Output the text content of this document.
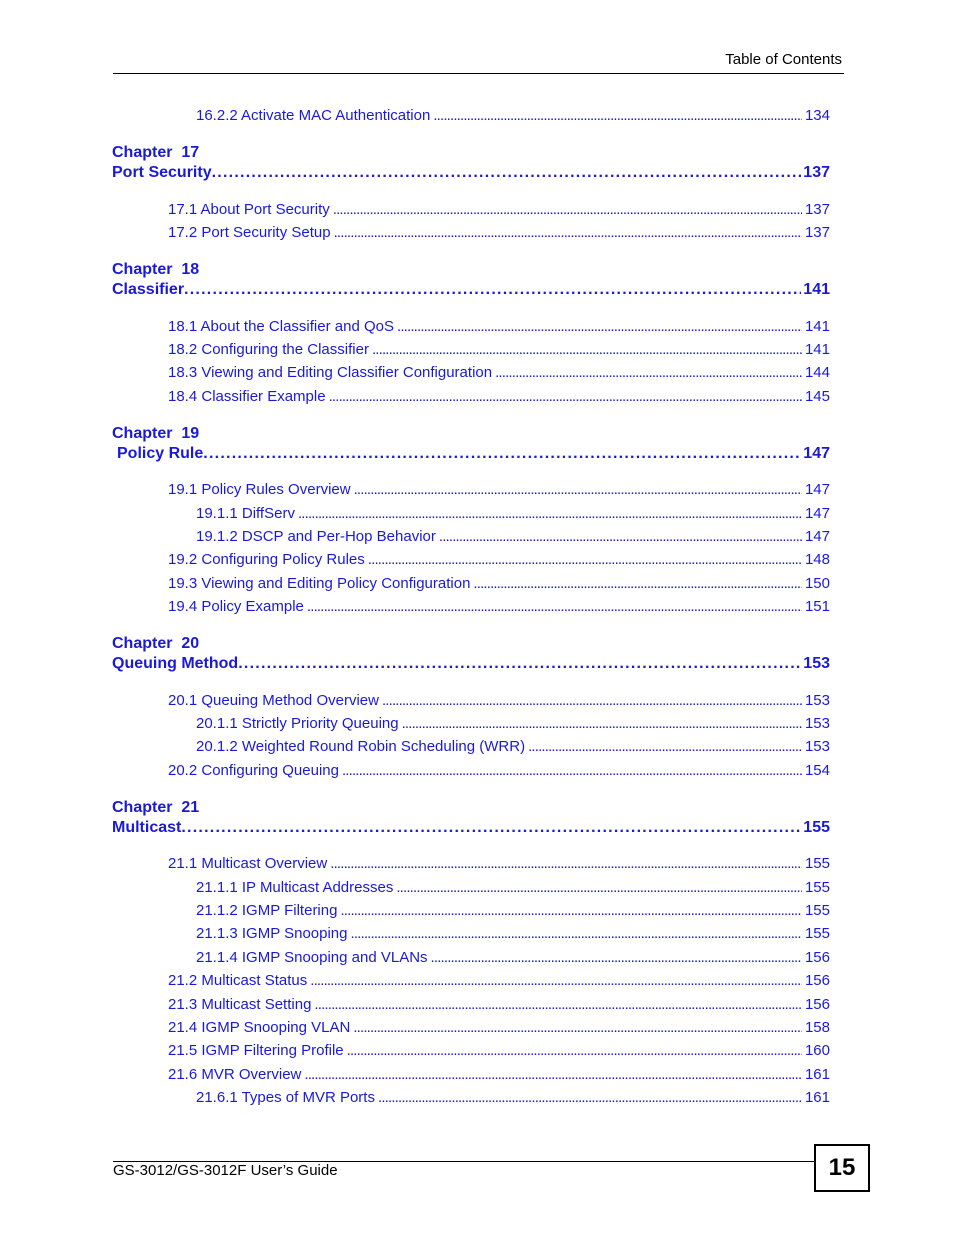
Table of Contents
16.2.2 Activate MAC Authentication . . .	134
Chapter  17
Port Security . . .	137
17.1 About Port Security . . .	137
17.2 Port Security Setup . . .	137
Chapter  18
Classifier . . .	141
18.1 About the Classifier and QoS . . .	141
18.2 Configuring the Classifier . . .	141
18.3 Viewing and Editing Classifier Configuration . . .	144
18.4 Classifier Example . . .	145
Chapter  19
Policy Rule . . .	147
19.1 Policy Rules Overview . . .	147
19.1.1 DiffServ . . .	147
19.1.2 DSCP and Per-Hop Behavior . . .	147
19.2 Configuring Policy Rules . . .	148
19.3 Viewing and Editing Policy Configuration . . .	150
19.4 Policy Example . . .	151
Chapter  20
Queuing Method . . .	153
20.1 Queuing Method Overview . . .	153
20.1.1 Strictly Priority Queuing . . .	153
20.1.2 Weighted Round Robin Scheduling (WRR) . . .	153
20.2 Configuring Queuing . . .	154
Chapter  21
Multicast . . .	155
21.1 Multicast Overview . . .	155
21.1.1 IP Multicast Addresses . . .	155
21.1.2 IGMP Filtering . . .	155
21.1.3 IGMP Snooping . . .	155
21.1.4 IGMP Snooping and VLANs . . .	156
21.2 Multicast Status . . .	156
21.3 Multicast Setting . . .	156
21.4 IGMP Snooping VLAN . . .	158
21.5 IGMP Filtering Profile . . .	160
21.6 MVR Overview . . .	161
21.6.1 Types of MVR Ports . . .	161
GS-3012/GS-3012F User’s Guide	15
